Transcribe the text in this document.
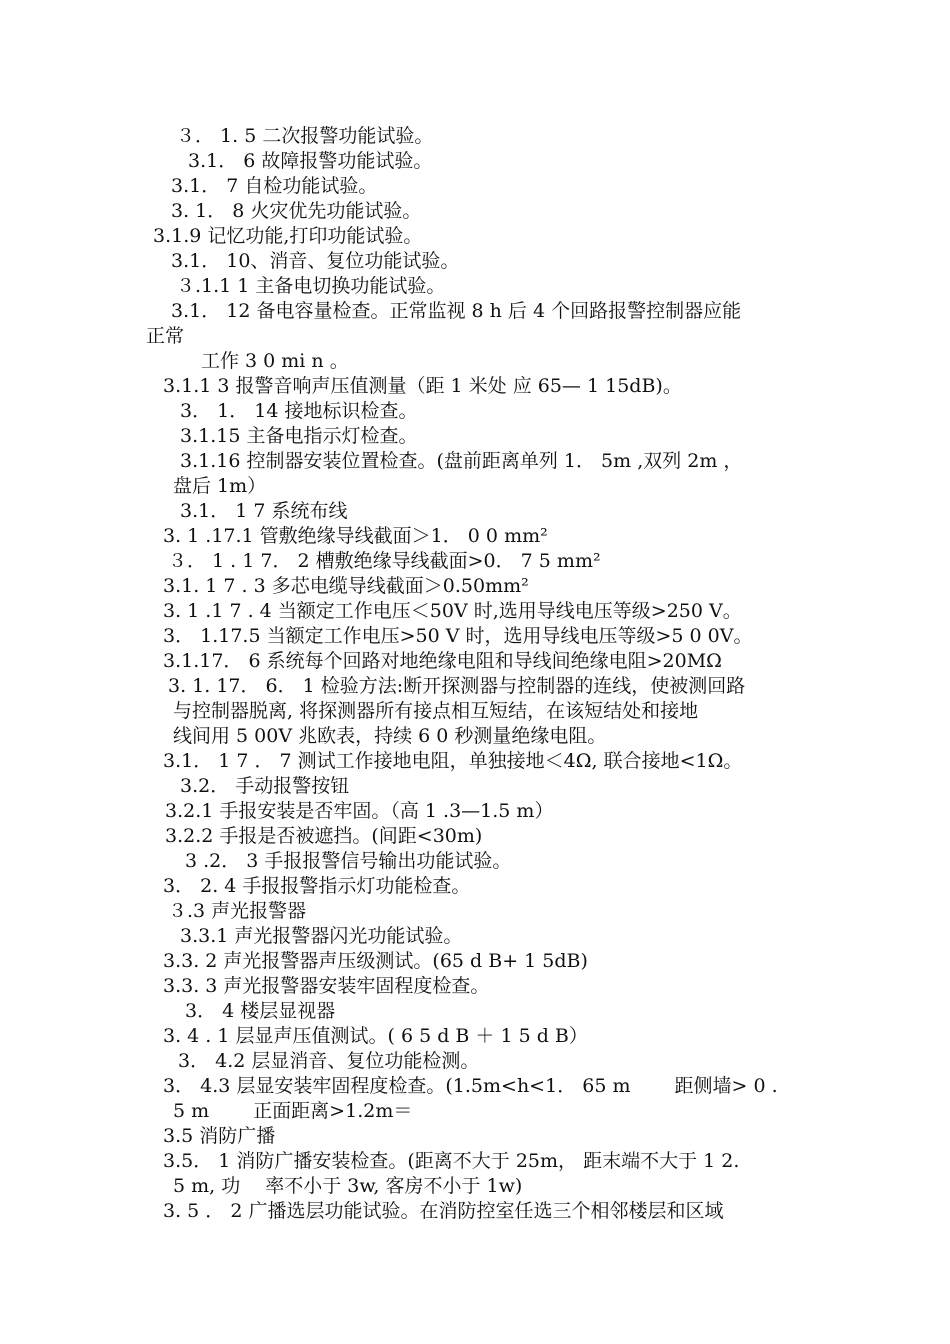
３． 1. 5 二次报警功能试验。
3.1． 6 故障报警功能试验。
3.1． 7 自检功能试验。
3. 1． 8 火灾优先功能试验。
3.1.9 记忆功能,打印功能试验。
3.1． 10、消音、复位功能试验。
３.1.1 1 主备电切换功能试验。
3.1． 12 备电容量检查。正常监视 8 h 后 4 个回路报警控制器应能
正常
工作 3 0 mi n 。
3.1.1 3 报警音响声压值测量（距 1 米处 应 65— 1 15dB)。
3． 1． 14 接地标识检查。
3.1.15 主备电指示灯检查。
3.1.16 控制器安装位置检查。(盘前距离单列 1． 5m ,双列 2m ，
盘后 1m）
3.1． 1 7 系统布线
3. 1 .17.1 管敷绝缘导线截面＞1． 0 0 mm²
３． 1 . 1 7． 2 槽敷绝缘导线截面>0． 7 5 mm²
3.1. 1 7 . 3 多芯电缆导线截面＞0.50mm²
3. 1 .1 7 . 4 当额定工作电压＜50V 时,选用导线电压等级>250 V。
3． 1.17.5 当额定工作电压>50 V 时，选用导线电压等级>5 0 0V。
3.1.17． 6 系统每个回路对地绝缘电阻和导线间绝缘电阻>20MΩ
3. 1. 17． 6． 1 检验方法:断开探测器与控制器的连线，使被测回路
与控制器脱离, 将探测器所有接点相互短结，在该短结处和接地
线间用 5 00V 兆欧表，持续 6 0 秒测量绝缘电阻。
3.1． 1 7 ． 7 测试工作接地电阻，单独接地＜4Ω, 联合接地<1Ω。
3.2． 手动报警按钮
3.2.1 手报安装是否牢固。（高 1 .3—1.5 m）
3.2.2 手报是否被遮挡。(间距<30m)
3 .2． 3 手报报警信号输出功能试验。
3． 2. 4 手报报警指示灯功能检查。
３.3 声光报警器
3.3.1 声光报警器闪光功能试验。
3.3. 2 声光报警器声压级测试。(65 d B+ 1 5dB)
3.3. 3 声光报警器安装牢固程度检查。
3． 4 楼层显视器
3. 4 . 1 层显声压值测试。( 6 5 d B ＋ 1 5 d B）
3． 4.2 层显消音、复位功能检测。
3． 4.3 层显安装牢固程度检查。(1.5m<h<1． 65 m 　　距侧墙> 0 .
5 m 　　正面距离>1.2m＝
3.5 消防广播
3.5． 1 消防广播安装检查。(距离不大于 25m， 距末端不大于 1 2.
5 m, 功 　率不小于 3w, 客房不小于 1w)
3. 5 ． 2 广播选层功能试验。在消防控室任选三个相邻楼层和区域
